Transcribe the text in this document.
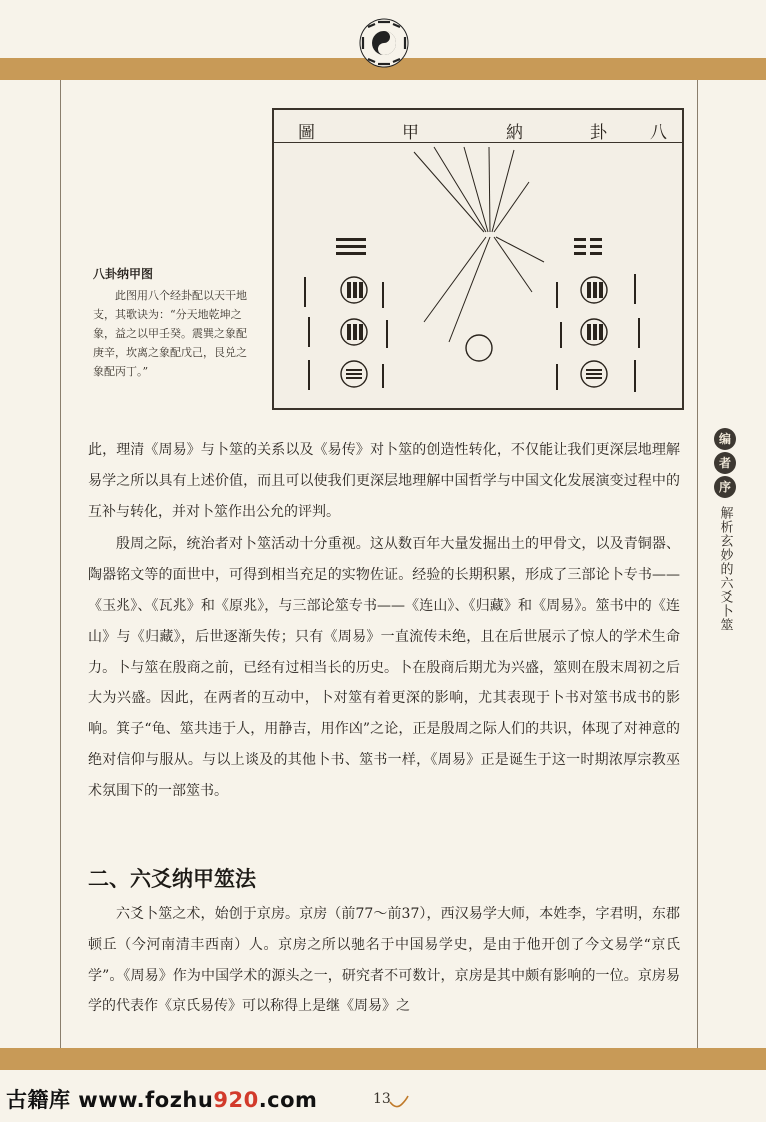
圖	甲	納	卦	八
八卦纳甲图
此图用八个经卦配以天干地支，其歌诀为：“分天地乾坤之象，益之以甲壬癸。震巽之象配庚辛，坎离之象配戊己，艮兑之象配丙丁。”
编
者
序
解析玄妙的六爻卜筮

此，理清《周易》与卜筮的关系以及《易传》对卜筮的创造性转化，不仅能让我们更深层地理解易学之所以具有上述价值，而且可以使我们更深层地理解中国哲学与中国文化发展演变过程中的互补与转化，并对卜筮作出公允的评判。

殷周之际，统治者对卜筮活动十分重视。这从数百年大量发掘出土的甲骨文，以及青铜器、陶器铭文等的面世中，可得到相当充足的实物佐证。经验的长期积累，形成了三部论卜专书——《玉兆》、《瓦兆》和《原兆》，与三部论筮专书——《连山》、《归藏》和《周易》。筮书中的《连山》与《归藏》，后世逐渐失传；只有《周易》一直流传未绝，且在后世展示了惊人的学术生命力。卜与筮在殷商之前，已经有过相当长的历史。卜在殷商后期尤为兴盛，筮则在殷末周初之后大为兴盛。因此，在两者的互动中，卜对筮有着更深的影响，尤其表现于卜书对筮书成书的影响。箕子“龟、筮共违于人，用静吉，用作凶”之论，正是殷周之际人们的共识，体现了对神意的绝对信仰与服从。与以上谈及的其他卜书、筮书一样，《周易》正是诞生于这一时期浓厚宗教巫术氛围下的一部筮书。

二、六爻纳甲筮法

六爻卜筮之术，始创于京房。京房（前77～前37），西汉易学大师，本姓李，字君明，东郡顿丘（今河南清丰西南）人。京房之所以驰名于中国易学史，是由于他开创了今文易学“京氏学”。《周易》作为中国学术的源头之一，研究者不可数计，京房是其中颇有影响的一位。京房易学的代表作《京氏易传》可以称得上是继《周易》之

古籍库 www.fozhu920.com	13
